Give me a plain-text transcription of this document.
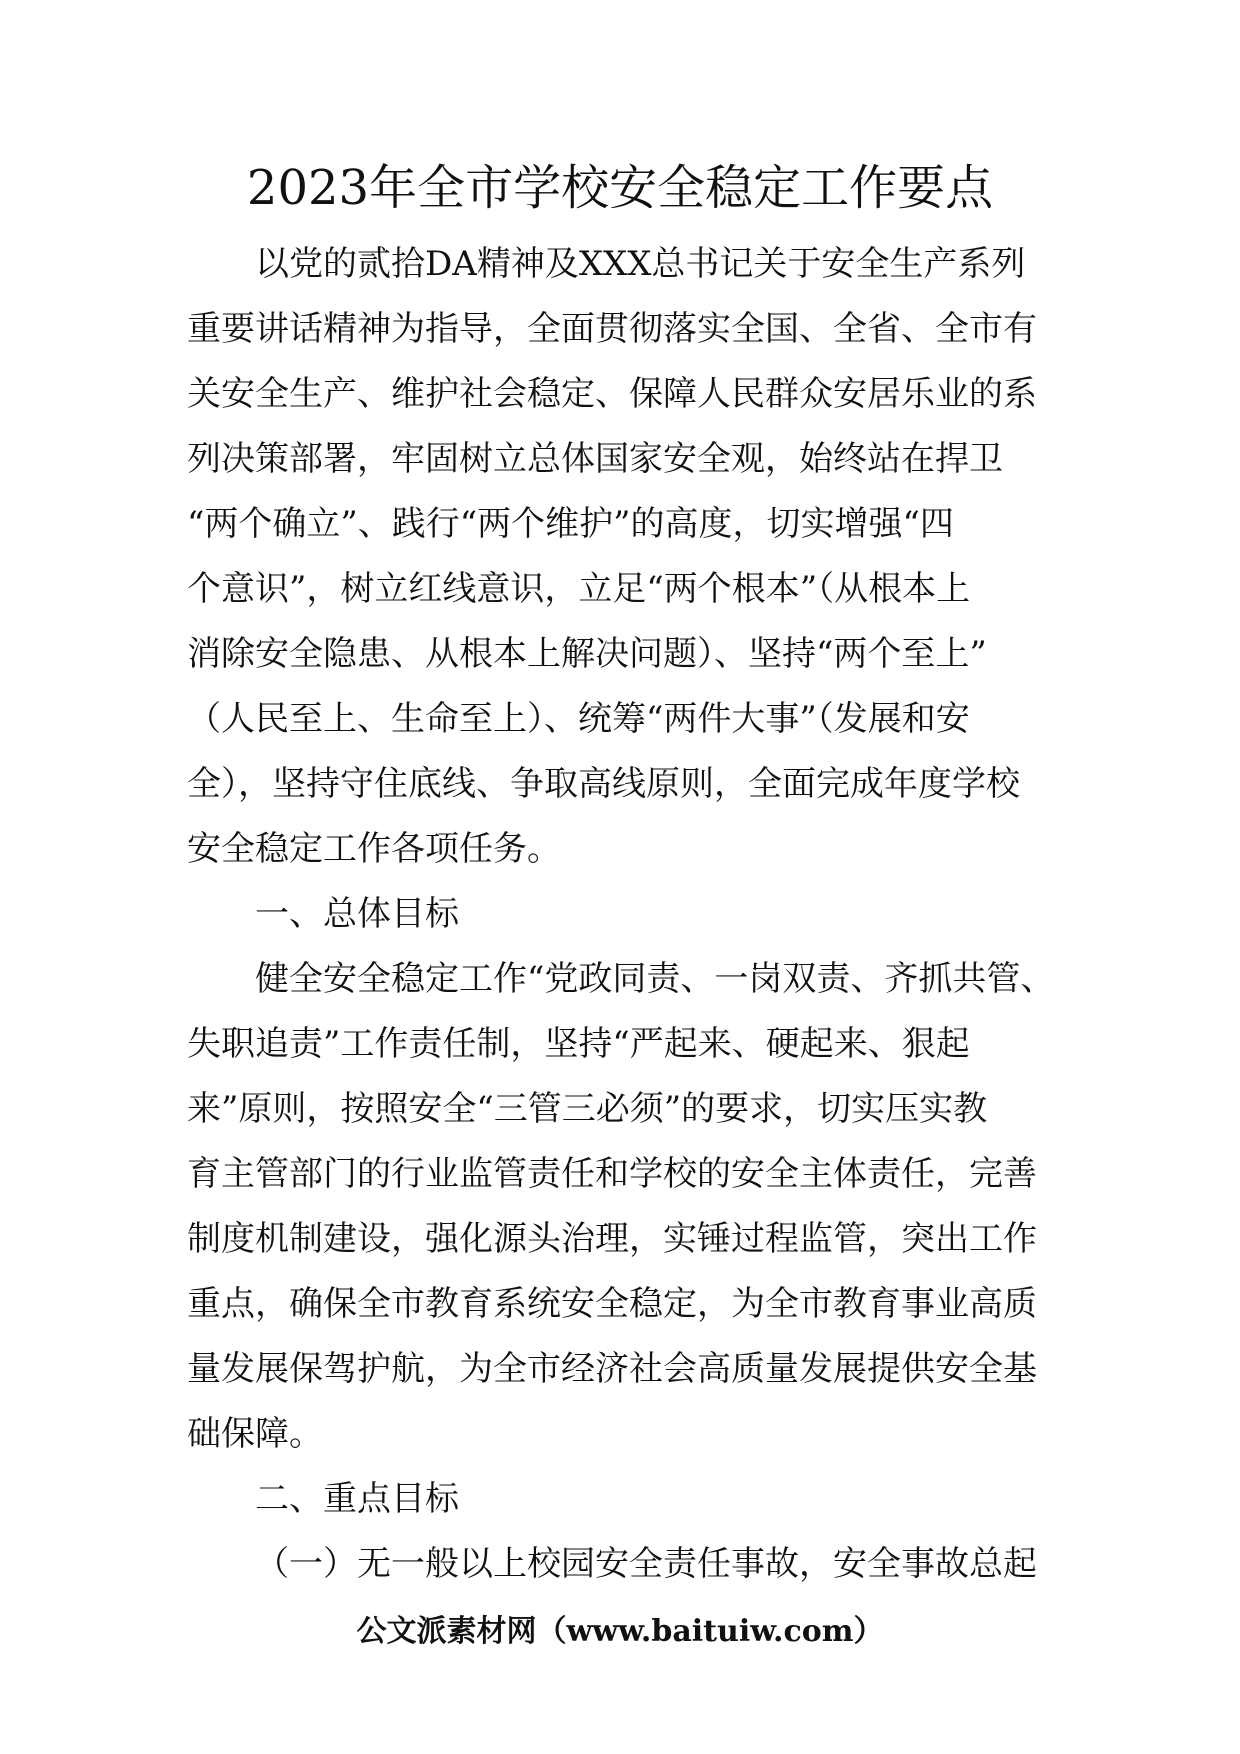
2023年全市学校安全稳定工作要点
以党的贰拾DA精神及XXX总书记关于安全生产系列
重要讲话精神为指导，全面贯彻落实全国、全省、全市有
关安全生产、维护社会稳定、保障人民群众安居乐业的系
列决策部署，牢固树立总体国家安全观，始终站在捍卫
“两个确立”、践行“两个维护”的高度，切实增强“四
个意识”，树立红线意识，立足“两个根本”（从根本上
消除安全隐患、从根本上解决问题）、坚持“两个至上”
（人民至上、生命至上）、统筹“两件大事”（发展和安
全），坚持守住底线、争取高线原则，全面完成年度学校
安全稳定工作各项任务。
一、总体目标
健全安全稳定工作“党政同责、一岗双责、齐抓共管、
失职追责”工作责任制，坚持“严起来、硬起来、狠起
来”原则，按照安全“三管三必须”的要求，切实压实教
育主管部门的行业监管责任和学校的安全主体责任，完善
制度机制建设，强化源头治理，实锤过程监管，突出工作
重点，确保全市教育系统安全稳定，为全市教育事业高质
量发展保驾护航，为全市经济社会高质量发展提供安全基
础保障。
二、重点目标
（一）无一般以上校园安全责任事故，安全事故总起
公文派素材网（www.baituiw.com）
